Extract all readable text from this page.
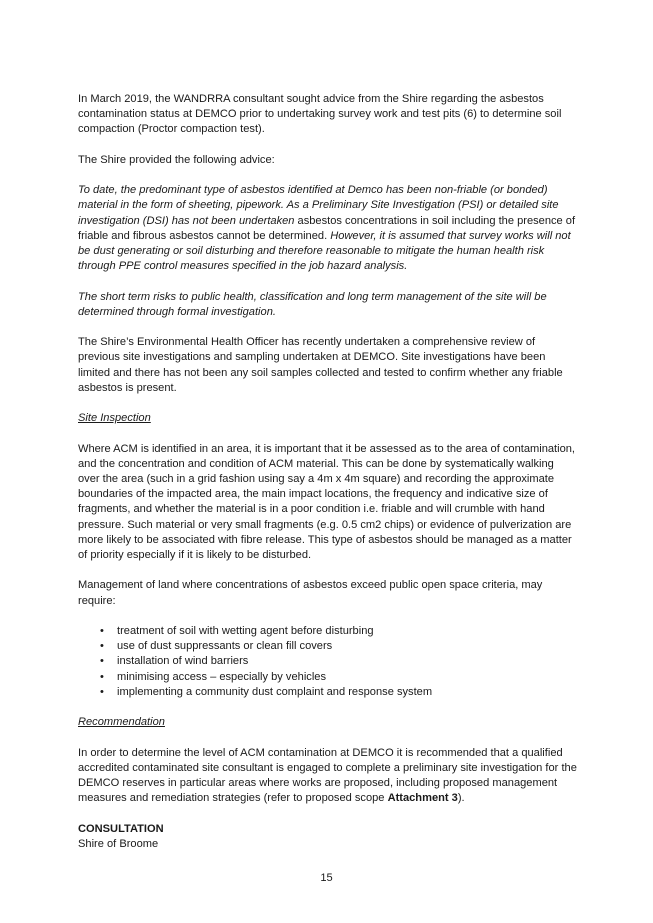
In March 2019, the WANDRRA consultant sought advice from the Shire regarding the asbestos contamination status at DEMCO prior to undertaking survey work and test pits (6) to determine soil compaction (Proctor compaction test).

The Shire provided the following advice:

To date, the predominant type of asbestos identified at Demco has been non-friable (or bonded) material in the form of sheeting, pipework. As a Preliminary Site Investigation (PSI) or detailed site investigation (DSI) has not been undertaken asbestos concentrations in soil including the presence of friable and fibrous asbestos cannot be determined. However, it is assumed that survey works will not be dust generating or soil disturbing and therefore reasonable to mitigate the human health risk through PPE control measures specified in the job hazard analysis.

The short term risks to public health, classification and long term management of the site will be determined through formal investigation.

The Shire’s Environmental Health Officer has recently undertaken a comprehensive review of previous site investigations and sampling undertaken at DEMCO. Site investigations have been limited and there has not been any soil samples collected and tested to confirm whether any friable asbestos is present.

Site Inspection

Where ACM is identified in an area, it is important that it be assessed as to the area of contamination, and the concentration and condition of ACM material. This can be done by systematically walking over the area (such in a grid fashion using say a 4m x 4m square) and recording the approximate boundaries of the impacted area, the main impact locations, the frequency and indicative size of fragments, and whether the material is in a poor condition i.e. friable and will crumble with hand pressure. Such material or very small fragments (e.g. 0.5 cm2 chips) or evidence of pulverization are more likely to be associated with fibre release. This type of asbestos should be managed as a matter of priority especially if it is likely to be disturbed.

Management of land where concentrations of asbestos exceed public open space criteria, may require:

• treatment of soil with wetting agent before disturbing
• use of dust suppressants or clean fill covers
• installation of wind barriers
• minimising access – especially by vehicles
• implementing a community dust complaint and response system

Recommendation

In order to determine the level of ACM contamination at DEMCO it is recommended that a qualified accredited contaminated site consultant is engaged to complete a preliminary site investigation for the DEMCO reserves in particular areas where works are proposed, including proposed management measures and remediation strategies (refer to proposed scope Attachment 3).

CONSULTATION

Shire of Broome

15
